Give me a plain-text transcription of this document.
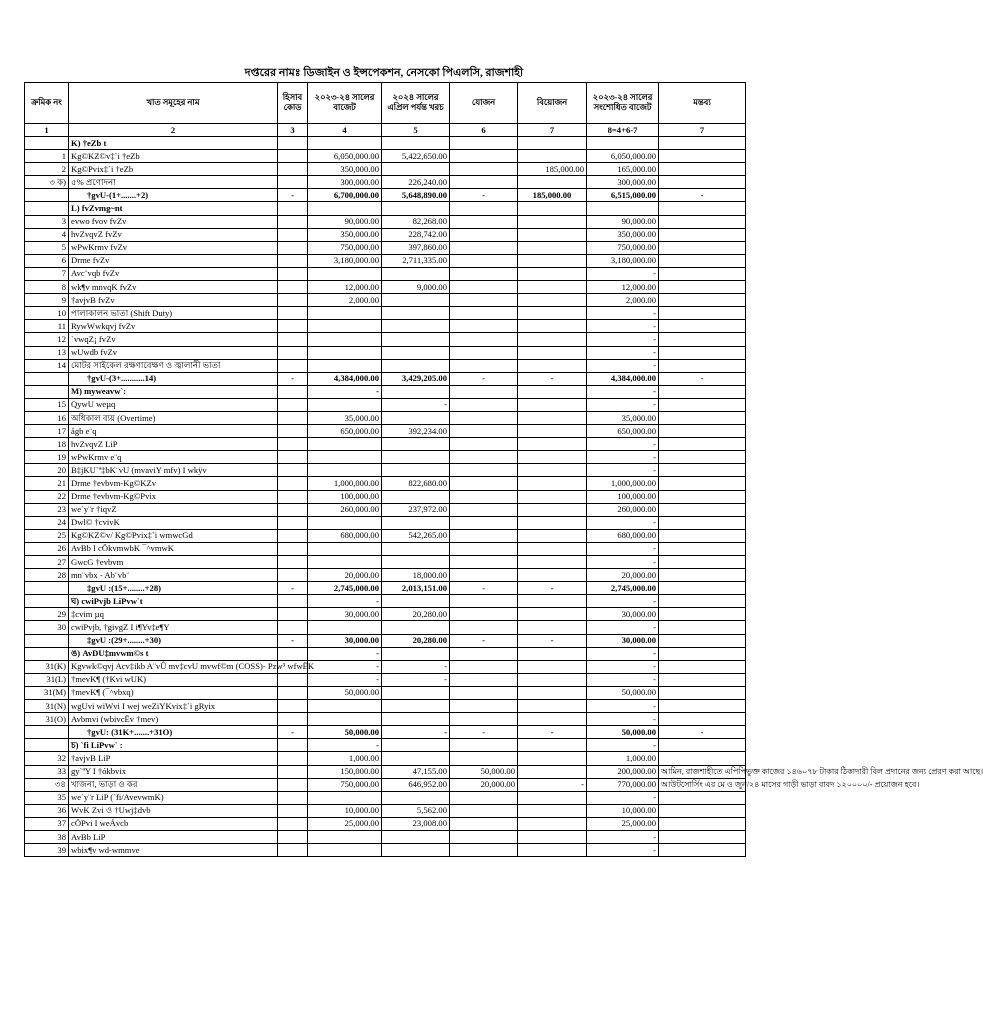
দপ্তরের নামঃ ডিজাইন ও ইন্সপেকশন, নেসকো পিএলসি, রাজশাহী
ক্রমিক নং	খাত সমূহের নাম	হিসাব কোড	২০২৩-২৪ সালের বাজেট	২০২৪ সালের এপ্রিল পর্যন্ত খরচ	যোজন	বিয়োজন	২০২৩-২৪ সালের সংশোধিত বাজেট	মন্তব্য
1	2	3	4	5	6	7	8=4+6-7	7
	K) †eZb t							
1	Kg©KZ©v‡`i †eZb		6,050,000.00	5,422,650.00			6,050,000.00	
2	Kg©Pvix‡`i †eZb		350,000.00			185,000.00	165,000.00	
৩ ক)	৫% প্রণোদনা		300,000.00	226,240.00			300,000.00	
	†gvU-(1+.......+2)	-	6,700,000.00	5,648,890.00	-	185,000.00	6,515,000.00	-
	L) fvZvmg~nt							
3	evwo fvov fvZv		90,000.00	82,268.00			90,000.00	
4	hvZvqvZ fvZv		350,000.00	228,742.00			350,000.00	
5	wPwKrmv fvZv		750,000.00	397,860.00			750,000.00	
6	Drme fvZv		3,180,000.00	2,711,335.00			3,180,000.00	
7	Avc¨vqb fvZv						-	
8	wk¶v mnvqK fvZv		12,000.00	9,000.00			12,000.00	
9	†avjvB fvZv		2,000.00				2,000.00	
10	পালাকালন ভাতা (Shift Duty)						-	
11	RywWwkqvj fvZv						-	
12	`vwqZ¡ fvZv						-	
13	wUwdb fvZv						-	
14	মোটর সাইকেল রক্ষণাবেক্ষণ ও জ্বালানী ভাতা						-	
	†gvU-(3+...........14)	-	4,384,000.00	3,429,205.00	-	-	4,384,000.00	-
	M) myweavw`:		-				-	
15	QywU weµq			-			-	
16	অধিকাল ব্যয় (Overtime)		35,000.00				35,000.00	
17	ågb e¨q		650,000.00	392,234.00			650,000.00	
18	hvZvqvZ LiP						-	
19	wPwKrmv e¨q						-	
20	B‡jKU`ª‡bK¨vU (mvaviY mfv) I wkÿv						-	
21	Drme †evbvm-Kg©KZv		1,000,000.00	822,680.00			1,000,000.00	
22	Drme †evbvm-Kg©Pvix		100,000.00				100,000.00	
23	we`y¨r †iqvZ		260,000.00	237,972.00			260,000.00	
24	Dwl© †cvivK						-	
25	Kg©KZ©v/ Kg©Pvix‡`i wmwcGd		680,000.00	542,265.00			680,000.00	
26	AvBb I cÖkvmwbK ¯^vmwK						-	
27	GwcG †evbvm						-	
28	mn¨vbx - Ab¨vb¨		20,000.00	18,000.00			20,000.00	
	‡gvU :(15+........+28)	-	2,745,000.00	2,013,151.00	-	-	2,745,000.00	
	ঘ) cwiPvjb LiPvw`t		-				-	
29	‡cvim µq		30,000.00	20,280.00			30,000.00	
30	cwiPvjb, †givgZ I i¶Yv‡e¶Y						-	
	‡gvU :(29+........+30)	-	30,000.00	20,280.00	-	-	30,000.00	
	ঙ) AvDU‡mvwm©s t		-				-	
31(K)	Kgvwk©qvj Acv‡ikb A¨vÛ mv‡cvU mvwf©m (COSS)- Pzw³ wfwËK		-	-			-	
31(L)	†mevK¶ (†Kvi wUK)		-	-			-	
31(M)	†mevK¶ (¯^vbxq)		50,000.00				50,000.00	
31(N)	wgUvi wiWvi I wej weZiYKvix‡`i gRyix						-	
31(O)	Avbmvi (wbivcËv †mev)						-	
	†gvU: (31K+.......+31O)	-	50,000.00	-	-	-	50,000.00	-
	চ) `fi LiPvw` :		-				-	
32	†avjvB LiP		1,000.00				1,000.00	
33	gy`ªY I †ókbvix		150,000.00	47,155.00	50,000.00		200,000.00	আমিন, রাজশাহীতে এপিপিভুক্ত কাজের ১৪৬০৭৮ টাকার ঠিকাদারী বিল প্রদানের জন্য প্রেরণ করা আছে।
৩৪	খাজনা, ভাড়া ও কর		750,000.00	646,952.00	20,000.00	-	770,000.00	আউটসোর্সিং এর মে ও জুন/২৪ মাসের গাড়ী ভাড়া বাবদ ১২০০০০/- প্রয়োজন হবে।
35	we`y¨r LiP (`fi/AvevwmK)						-	
36	WvK Zvi ও †Uwj‡dvb		10,000.00	5,562.00			10,000.00	
37	cÖPvi I weÁvcb		25,000.00	23,008.00			25,000.00	
38	AvBb LiP						-	
39	wbix¶v wd-wmmve						-	
